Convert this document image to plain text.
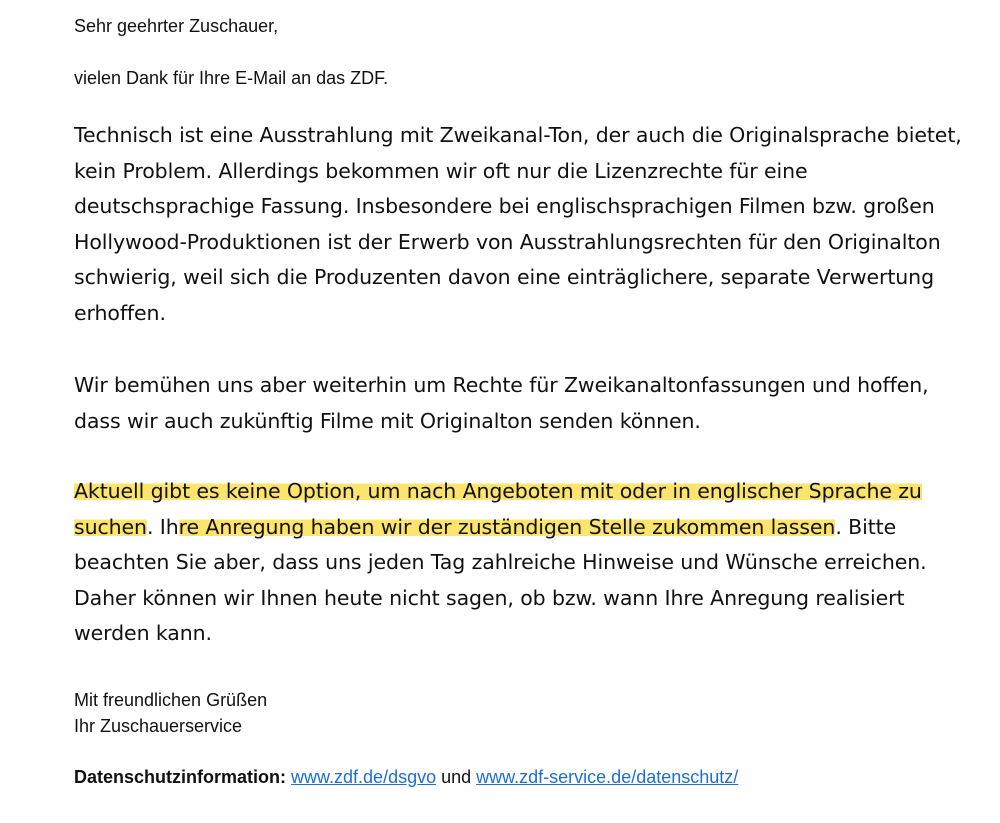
Sehr geehrter Zuschauer,

vielen Dank für Ihre E-Mail an das ZDF.

Technisch ist eine Ausstrahlung mit Zweikanal-Ton, der auch die Originalsprache bietet, kein Problem. Allerdings bekommen wir oft nur die Lizenzrechte für eine deutschsprachige Fassung. Insbesondere bei englischsprachigen Filmen bzw. großen Hollywood-Produktionen ist der Erwerb von Ausstrahlungsrechten für den Originalton schwierig, weil sich die Produzenten davon eine einträglichere, separate Verwertung erhoffen.

Wir bemühen uns aber weiterhin um Rechte für Zweikanaltonfassungen und hoffen, dass wir auch zukünftig Filme mit Originalton senden können.

Aktuell gibt es keine Option, um nach Angeboten mit oder in englischer Sprache zu suchen. Ihre Anregung haben wir der zuständigen Stelle zukommen lassen. Bitte beachten Sie aber, dass uns jeden Tag zahlreiche Hinweise und Wünsche erreichen. Daher können wir Ihnen heute nicht sagen, ob bzw. wann Ihre Anregung realisiert werden kann.

Mit freundlichen Grüßen

Ihr Zuschauerservice

Datenschutzinformation: www.zdf.de/dsgvo und www.zdf-service.de/datenschutz/
